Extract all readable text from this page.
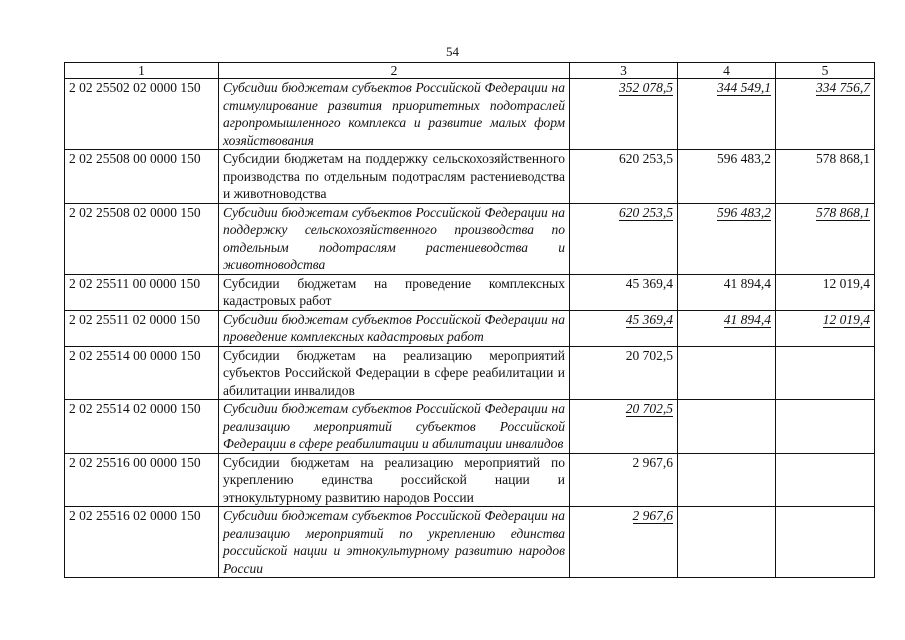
54
1	2	3	4	5
2 02 25502 02 0000 150	Субсидии бюджетам субъектов Российской Федерации на стимулирование развития приоритетных подотраслей агропромышленного комплекса и развитие малых форм хозяйствования	352 078,5	344 549,1	334 756,7
2 02 25508 00 0000 150	Субсидии бюджетам на поддержку сельскохозяйственного производства по отдельным подотраслям растениеводства и животноводства	620 253,5	596 483,2	578 868,1
2 02 25508 02 0000 150	Субсидии бюджетам субъектов Российской Федерации на поддержку сельскохозяйственного производства по отдельным подотраслям растениеводства и животноводства	620 253,5	596 483,2	578 868,1
2 02 25511 00 0000 150	Субсидии бюджетам на проведение комплексных кадастровых работ	45 369,4	41 894,4	12 019,4
2 02 25511 02 0000 150	Субсидии бюджетам субъектов Российской Федерации на проведение комплексных кадастровых работ	45 369,4	41 894,4	12 019,4
2 02 25514 00 0000 150	Субсидии бюджетам на реализацию мероприятий субъектов Российской Федерации в сфере реабилитации и абилитации инвалидов	20 702,5		
2 02 25514 02 0000 150	Субсидии бюджетам субъектов Российской Федерации на реализацию мероприятий субъектов Российской Федерации в сфере реабилитации и абилитации инвалидов	20 702,5		
2 02 25516 00 0000 150	Субсидии бюджетам на реализацию мероприятий по укреплению единства российской нации и этнокультурному развитию народов России	2 967,6		
2 02 25516 02 0000 150	Субсидии бюджетам субъектов Российской Федерации на реализацию мероприятий по укреплению единства российской нации и этнокультурному развитию народов России	2 967,6		
